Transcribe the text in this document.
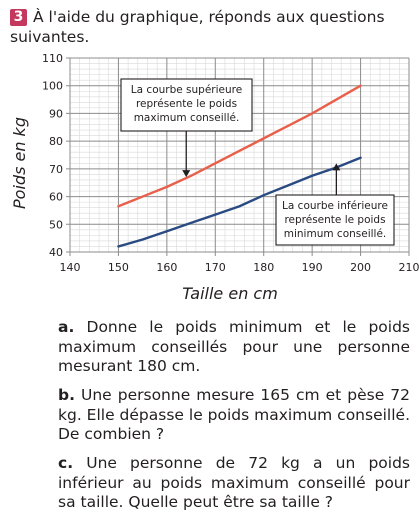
3 À l'aide du graphique, réponds aux questions suivantes.
40
50
60
70
80
90
100
110
140 150 160 170 180 190 200 210
La courbe supérieure
représente le poids
maximum conseillé.
La courbe inférieure
représente le poids
minimum conseillé.
Poids en kg
Taille en cm
a. Donne le poids minimum et le poids maximum conseillés pour une personne mesurant 180 cm.
b. Une personne mesure 165 cm et pèse 72 kg. Elle dépasse le poids maximum conseillé. De combien ?
c. Une personne de 72 kg a un poids inférieur au poids maximum conseillé pour sa taille. Quelle peut être sa taille ?
